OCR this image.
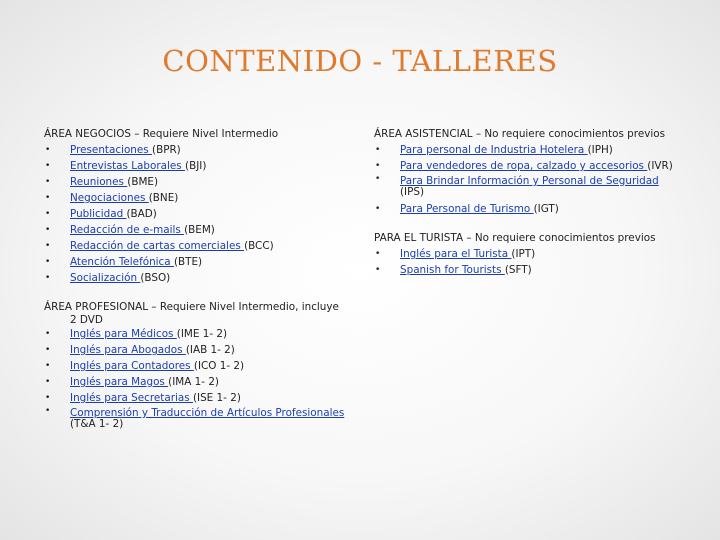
CONTENIDO - TALLERES
ÁREA NEGOCIOS – Requiere Nivel Intermedio
• Presentaciones (BPR)
• Entrevistas Laborales (BJI)
• Reuniones (BME)
• Negociaciones (BNE)
• Publicidad (BAD)
• Redacción de e-mails (BEM)
• Redacción de cartas comerciales (BCC)
• Atención Telefónica (BTE)
• Socialización (BSO)
ÁREA PROFESIONAL – Requiere Nivel Intermedio, incluye
2 DVD
• Inglés para Médicos (IME 1- 2)
• Inglés para Abogados (IAB 1- 2)
• Inglés para Contadores (ICO 1- 2)
• Inglés para Magos (IMA 1- 2)
• Inglés para Secretarias (ISE 1- 2)
• Comprensión y Traducción de Artículos Profesionales (T&A 1- 2)
ÁREA ASISTENCIAL – No requiere conocimientos previos
• Para personal de Industria Hotelera (IPH)
• Para vendedores de ropa, calzado y accesorios (IVR)
• Para Brindar Información y Personal de Seguridad (IPS)
• Para Personal de Turismo (IGT)
PARA EL TURISTA – No requiere conocimientos previos
• Inglés para el Turista (IPT)
• Spanish for Tourists (SFT)
